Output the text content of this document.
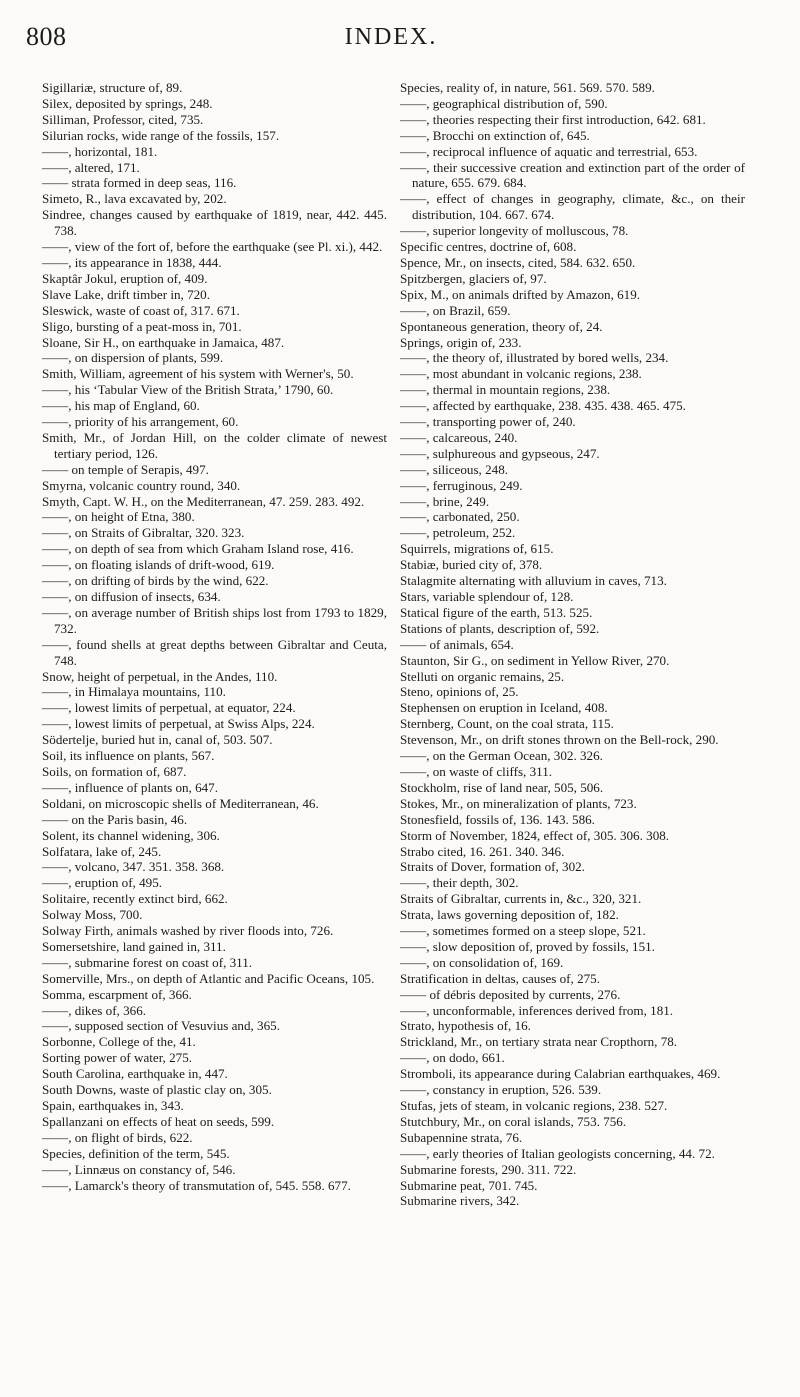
808	INDEX.

Sigillariæ, structure of, 89.

Silex, deposited by springs, 248.

Silliman, Professor, cited, 735.

Silurian rocks, wide range of the fossils, 157.

——, horizontal, 181.

——, altered, 171.

—— strata formed in deep seas, 116.

Simeto, R., lava excavated by, 202.

Sindree, changes caused by earthquake of 1819, near, 442. 445. 738.

——, view of the fort of, before the earthquake (see Pl. xi.), 442.

——, its appearance in 1838, 444.

Skaptâr Jokul, eruption of, 409.

Slave Lake, drift timber in, 720.

Sleswick, waste of coast of, 317. 671.

Sligo, bursting of a peat-moss in, 701.

Sloane, Sir H., on earthquake in Jamaica, 487.

——, on dispersion of plants, 599.

Smith, William, agreement of his system with Werner's, 50.

——, his ‘Tabular View of the British Strata,’ 1790, 60.

——, his map of England, 60.

——, priority of his arrangement, 60.

Smith, Mr., of Jordan Hill, on the colder climate of newest tertiary period, 126.

—— on temple of Serapis, 497.

Smyrna, volcanic country round, 340.

Smyth, Capt. W. H., on the Mediterranean, 47. 259. 283. 492.

——, on height of Etna, 380.

——, on Straits of Gibraltar, 320. 323.

——, on depth of sea from which Graham Island rose, 416.

——, on floating islands of drift-wood, 619.

——, on drifting of birds by the wind, 622.

——, on diffusion of insects, 634.

——, on average number of British ships lost from 1793 to 1829, 732.

——, found shells at great depths between Gibraltar and Ceuta, 748.

Snow, height of perpetual, in the Andes, 110.

——, in Himalaya mountains, 110.

——, lowest limits of perpetual, at equator, 224.

——, lowest limits of perpetual, at Swiss Alps, 224.

Södertelje, buried hut in, canal of, 503. 507.

Soil, its influence on plants, 567.

Soils, on formation of, 687.

——, influence of plants on, 647.

Soldani, on microscopic shells of Mediterranean, 46.

—— on the Paris basin, 46.

Solent, its channel widening, 306.

Solfatara, lake of, 245.

——, volcano, 347. 351. 358. 368.

——, eruption of, 495.

Solitaire, recently extinct bird, 662.

Solway Moss, 700.

Solway Firth, animals washed by river floods into, 726.

Somersetshire, land gained in, 311.

——, submarine forest on coast of, 311.

Somerville, Mrs., on depth of Atlantic and Pacific Oceans, 105.

Somma, escarpment of, 366.

——, dikes of, 366.

——, supposed section of Vesuvius and, 365.

Sorbonne, College of the, 41.

Sorting power of water, 275.

South Carolina, earthquake in, 447.

South Downs, waste of plastic clay on, 305.

Spain, earthquakes in, 343.

Spallanzani on effects of heat on seeds, 599.

——, on flight of birds, 622.

Species, definition of the term, 545.

——, Linnæus on constancy of, 546.

——, Lamarck's theory of transmutation of, 545. 558. 677.

Species, reality of, in nature, 561. 569. 570. 589.

——, geographical distribution of, 590.

——, theories respecting their first introduction, 642. 681.

——, Brocchi on extinction of, 645.

——, reciprocal influence of aquatic and terrestrial, 653.

——, their successive creation and extinction part of the order of nature, 655. 679. 684.

——, effect of changes in geography, climate, &c., on their distribution, 104. 667. 674.

——, superior longevity of molluscous, 78.

Specific centres, doctrine of, 608.

Spence, Mr., on insects, cited, 584. 632. 650.

Spitzbergen, glaciers of, 97.

Spix, M., on animals drifted by Amazon, 619.

——, on Brazil, 659.

Spontaneous generation, theory of, 24.

Springs, origin of, 233.

——, the theory of, illustrated by bored wells, 234.

——, most abundant in volcanic regions, 238.

——, thermal in mountain regions, 238.

——, affected by earthquake, 238. 435. 438. 465. 475.

——, transporting power of, 240.

——, calcareous, 240.

——, sulphureous and gypseous, 247.

——, siliceous, 248.

——, ferruginous, 249.

——, brine, 249.

——, carbonated, 250.

——, petroleum, 252.

Squirrels, migrations of, 615.

Stabiæ, buried city of, 378.

Stalagmite alternating with alluvium in caves, 713.

Stars, variable splendour of, 128.

Statical figure of the earth, 513. 525.

Stations of plants, description of, 592.

—— of animals, 654.

Staunton, Sir G., on sediment in Yellow River, 270.

Stelluti on organic remains, 25.

Steno, opinions of, 25.

Stephensen on eruption in Iceland, 408.

Sternberg, Count, on the coal strata, 115.

Stevenson, Mr., on drift stones thrown on the Bell-rock, 290.

——, on the German Ocean, 302. 326.

——, on waste of cliffs, 311.

Stockholm, rise of land near, 505, 506.

Stokes, Mr., on mineralization of plants, 723.

Stonesfield, fossils of, 136. 143. 586.

Storm of November, 1824, effect of, 305. 306. 308.

Strabo cited, 16. 261. 340. 346.

Straits of Dover, formation of, 302.

——, their depth, 302.

Straits of Gibraltar, currents in, &c., 320, 321.

Strata, laws governing deposition of, 182.

——, sometimes formed on a steep slope, 521.

——, slow deposition of, proved by fossils, 151.

——, on consolidation of, 169.

Stratification in deltas, causes of, 275.

—— of débris deposited by currents, 276.

——, unconformable, inferences derived from, 181.

Strato, hypothesis of, 16.

Strickland, Mr., on tertiary strata near Cropthorn, 78.

——, on dodo, 661.

Stromboli, its appearance during Calabrian earthquakes, 469.

——, constancy in eruption, 526. 539.

Stufas, jets of steam, in volcanic regions, 238. 527.

Stutchbury, Mr., on coral islands, 753. 756.

Subapennine strata, 76.

——, early theories of Italian geologists concerning, 44. 72.

Submarine forests, 290. 311. 722.

Submarine peat, 701. 745.

Submarine rivers, 342.
